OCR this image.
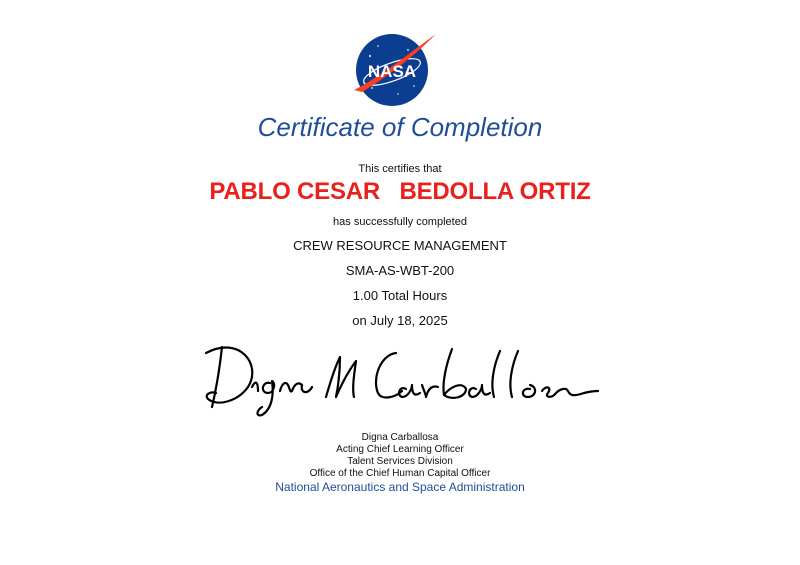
NASA
Certificate of Completion

This certifies that

PABLO CESAR   BEDOLLA ORTIZ

has successfully completed

CREW RESOURCE MANAGEMENT

SMA-AS-WBT-200

1.00 Total Hours

on July 18, 2025

Digna M Carballosa

Digna Carballosa

Acting Chief Learning Officer

Talent Services Division

Office of the Chief Human Capital Officer

National Aeronautics and Space Administration
